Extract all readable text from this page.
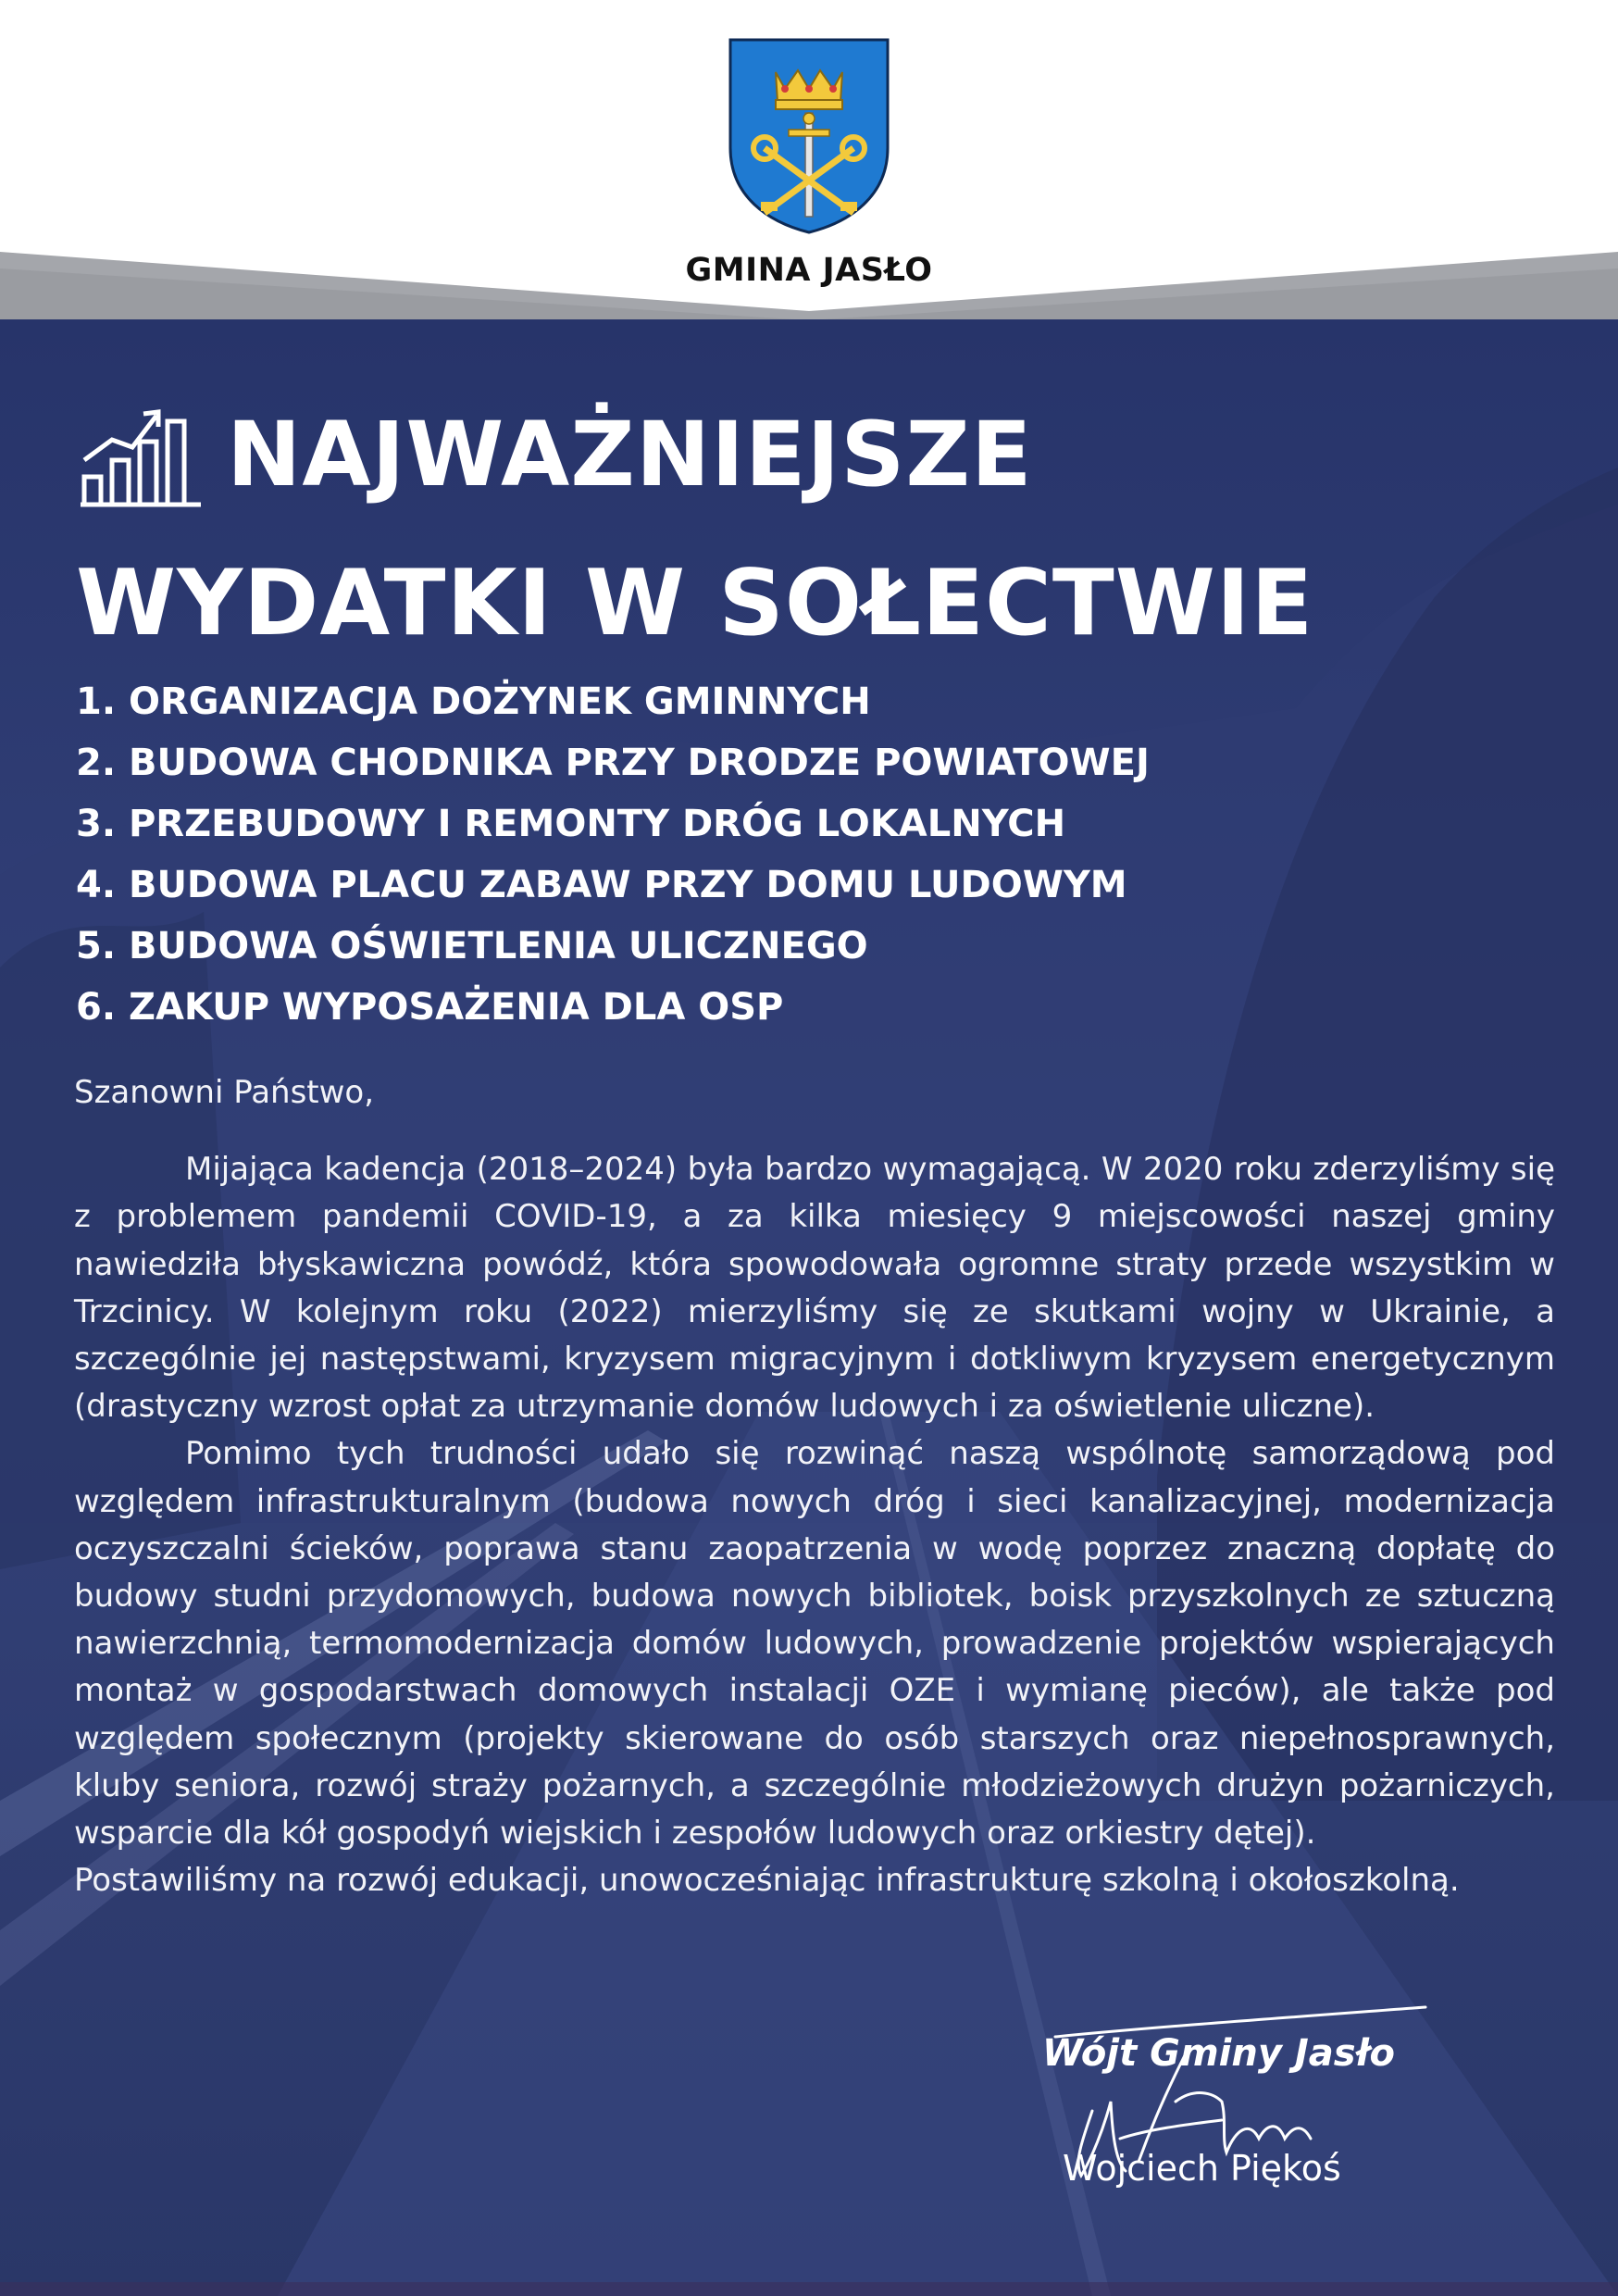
GMINA JASŁO
NAJWAŻNIEJSZE
WYDATKI W SOŁECTWIE
1. ORGANIZACJA DOŻYNEK GMINNYCH
2. BUDOWA CHODNIKA PRZY DRODZE POWIATOWEJ
3. PRZEBUDOWY I REMONTY DRÓG LOKALNYCH
4. BUDOWA PLACU ZABAW PRZY DOMU LUDOWYM
5. BUDOWA OŚWIETLENIA ULICZNEGO
6. ZAKUP WYPOSAŻENIA DLA OSP
Szanowni Państwo,

Mijająca kadencja (2018–2024) była bardzo wymagającą. W 2020 roku zderzyliśmy się z problemem pandemii COVID-19, a za kilka miesięcy 9 miejscowości naszej gminy nawiedziła błyskawiczna powódź, która spowodowała ogromne straty przede wszystkim w Trzcinicy. W kolejnym roku (2022) mierzyliśmy się ze skutkami wojny w Ukrainie, a szczególnie jej następstwami, kryzysem migracyjnym i dotkliwym kryzysem energetycznym (drastyczny wzrost opłat za utrzymanie domów ludowych i za oświetlenie uliczne).

Pomimo tych trudności udało się rozwinąć naszą wspólnotę samorządową pod względem infrastrukturalnym (budowa nowych dróg i sieci kanalizacyjnej, modernizacja oczyszczalni ścieków, poprawa stanu zaopatrzenia w wodę poprzez znaczną dopłatę do budowy studni przydomowych, budowa nowych bibliotek, boisk przyszkolnych ze sztuczną nawierzchnią, termomodernizacja domów ludowych, prowadzenie projektów wspierających montaż w gospodarstwach domowych instalacji OZE i wymianę pieców), ale także pod względem społecznym (projekty skierowane do osób starszych oraz niepełnosprawnych, kluby seniora, rozwój straży pożarnych, a szczególnie młodzieżowych drużyn pożarniczych, wsparcie dla kół gospodyń wiejskich i zespołów ludowych oraz orkiestry dętej).

Postawiliśmy na rozwój edukacji, unowocześniając infrastrukturę szkolną i okołoszkolną.

Wójt Gminy Jasło
Wojciech Piękoś
